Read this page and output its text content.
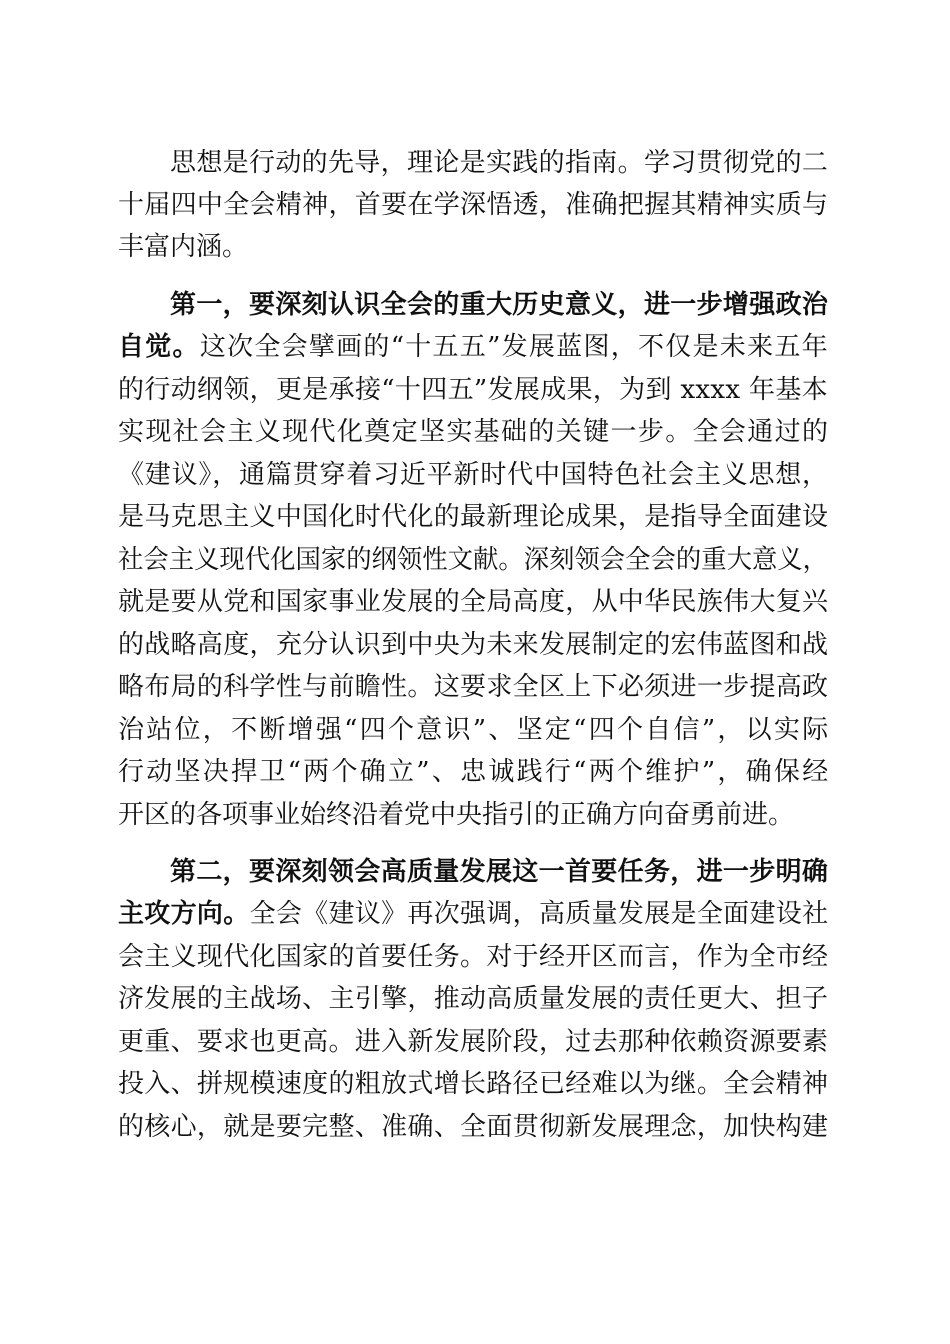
思想是行动的先导，理论是实践的指南。学习贯彻党的二
十届四中全会精神，首要在学深悟透，准确把握其精神实质与
丰富内涵。
第一，要深刻认识全会的重大历史意义，进一步增强政治
自觉。这次全会擘画的“十五五”发展蓝图，不仅是未来五年
的行动纲领，更是承接“十四五”发展成果，为到 xxxx 年基本
实现社会主义现代化奠定坚实基础的关键一步。全会通过的
《建议》，通篇贯穿着习近平新时代中国特色社会主义思想，
是马克思主义中国化时代化的最新理论成果，是指导全面建设
社会主义现代化国家的纲领性文献。深刻领会全会的重大意义，
就是要从党和国家事业发展的全局高度，从中华民族伟大复兴
的战略高度，充分认识到中央为未来发展制定的宏伟蓝图和战
略布局的科学性与前瞻性。这要求全区上下必须进一步提高政
治站位，不断增强“四个意识”、坚定“四个自信”，以实际
行动坚决捍卫“两个确立”、忠诚践行“两个维护”，确保经
开区的各项事业始终沿着党中央指引的正确方向奋勇前进。
第二，要深刻领会高质量发展这一首要任务，进一步明确
主攻方向。全会《建议》再次强调，高质量发展是全面建设社
会主义现代化国家的首要任务。对于经开区而言，作为全市经
济发展的主战场、主引擎，推动高质量发展的责任更大、担子
更重、要求也更高。进入新发展阶段，过去那种依赖资源要素
投入、拼规模速度的粗放式增长路径已经难以为继。全会精神
的核心，就是要完整、准确、全面贯彻新发展理念，加快构建
